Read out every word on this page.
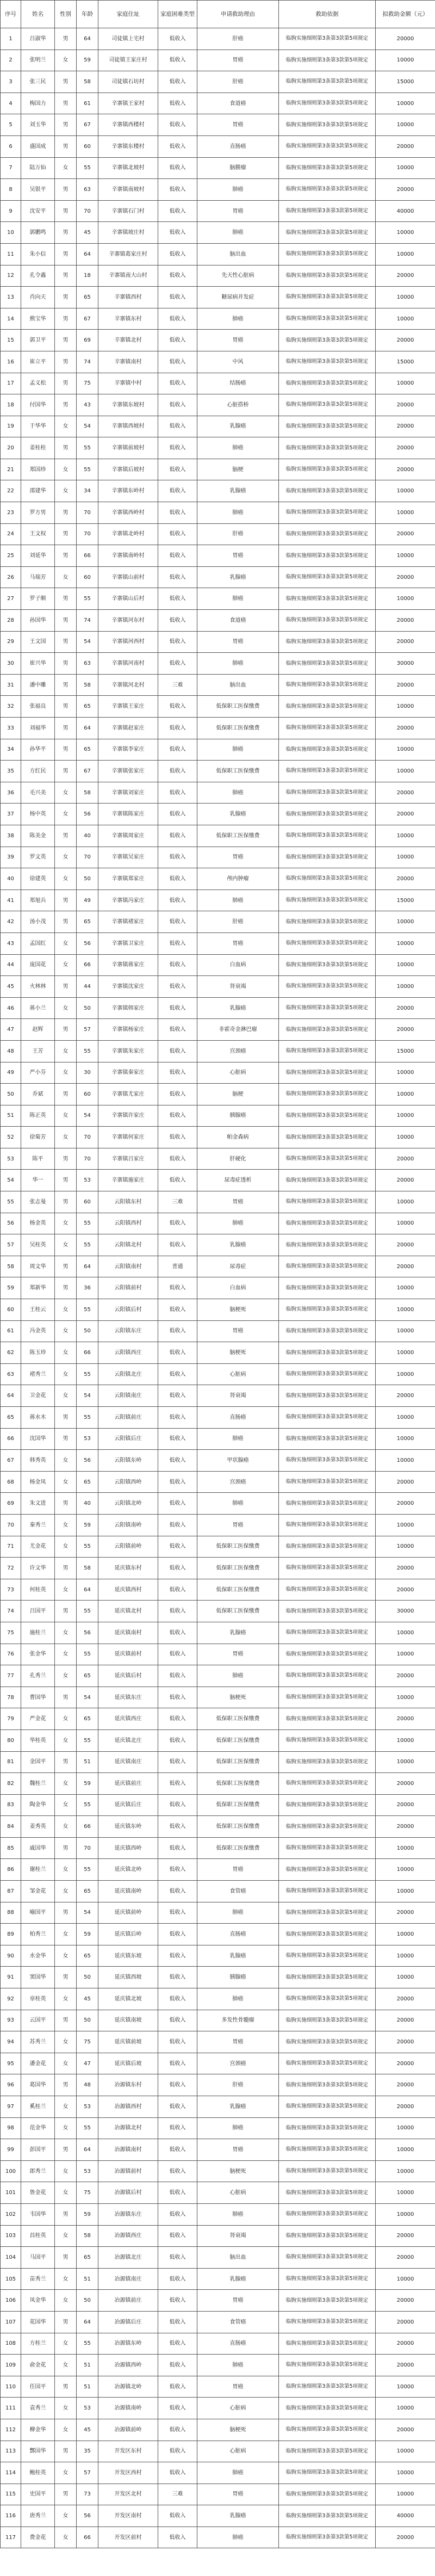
序号	姓名	性别	年龄	家庭住址	家庭困难类型	申请救助理由	救助依据	拟救助金额（元）
1	吕淑华	男	64	司徒镇上宅村	低收入	肝癌	临朐实施细则第3条第3款第5项规定	20000
2	张明兰	女	59	司徒镇王家庄村	低收入	胃癌	临朐实施细则第3条第3款第5项规定	10000
3	张三民	男	58	司徒镇石坊村	低收入	肝癌	临朐实施细则第3条第3款第5项规定	15000
4	梅国力	男	61	辛寨镇王家村	低收入	食道癌	临朐实施细则第3条第3款第5项规定	10000
5	刘玉华	男	67	辛寨镇西楼村	低收入	胃癌	临朐实施细则第3条第3款第5项规定	10000
6	盛国成	男	60	辛寨镇东楼村	低收入	直肠癌	临朐实施细则第3条第3款第5项规定	20000
7	陆万仙	女	55	辛寨镇北坡村	低收入	脑膜瘤	临朐实施细则第3条第3款第5项规定	10000
8	吴银平	男	63	辛寨镇南坡村	低收入	肺癌	临朐实施细则第3条第3款第5项规定	20000
9	沈安平	男	70	辛寨镇石门村	低收入	胃癌	临朐实施细则第3条第3款第5项规定	40000
10	郭鹏鸣	男	45	辛寨镇坡庄村	低收入	肺癌	临朐实施细则第3条第3款第5项规定	10000
11	朱小信	男	64	辛寨镇葛家庄村	低收入	脑出血	临朐实施细则第3条第3款第5项规定	10000
12	孔令鑫	男	18	辛寨镇南大山村	低收入	先天性心脏病	临朐实施细则第3条第3款第5项规定	20000
13	肖向天	男	65	辛寨镇西村	低收入	糖尿病并发症	临朐实施细则第3条第3款第5项规定	10000
14	熊宝华	男	67	辛寨镇东村	低收入	肺癌	临朐实施细则第3条第3款第5项规定	10000
15	郭卫平	男	69	辛寨镇北村	低收入	胃癌	临朐实施细则第3条第3款第5项规定	20000
16	崔立平	男	74	辛寨镇南村	低收入	中风	临朐实施细则第3条第3款第5项规定	15000
17	孟义松	男	75	辛寨镇中村	低收入	结肠癌	临朐实施细则第3条第3款第5项规定	10000
18	付国华	男	43	辛寨镇东坡村	低收入	心脏搭桥	临朐实施细则第3条第3款第5项规定	20000
19	于华华	女	54	辛寨镇西坡村	低收入	乳腺癌	临朐实施细则第3条第3款第5项规定	20000
20	姜桂桂	男	55	辛寨镇前坡村	低收入	肺癌	临朐实施细则第3条第3款第5项规定	20000
21	郑国珍	女	55	辛寨镇后坡村	低收入	脑梗	临朐实施细则第3条第3款第5项规定	20000
22	邵建华	女	34	辛寨镇东岭村	低收入	乳腺癌	临朐实施细则第3条第3款第5项规定	10000
23	罗方男	男	70	辛寨镇西岭村	低收入	肺癌	临朐实施细则第3条第3款第5项规定	10000
24	王文权	男	70	辛寨镇北岭村	低收入	肝癌	临朐实施细则第3条第3款第5项规定	20000
25	刘延华	男	66	辛寨镇南岭村	低收入	胃癌	临朐实施细则第3条第3款第5项规定	10000
26	马瑞芳	女	60	辛寨镇山前村	低收入	乳腺癌	临朐实施细则第3条第3款第5项规定	20000
27	罗子顺	男	55	辛寨镇山后村	低收入	肺癌	临朐实施细则第3条第3款第5项规定	10000
28	孙国华	男	74	辛寨镇河东村	低收入	食道癌	临朐实施细则第3条第3款第5项规定	20000
29	王文国	男	54	辛寨镇河西村	低收入	胃癌	临朐实施细则第3条第3款第5项规定	20000
30	崔兴华	男	63	辛寨镇河南村	低收入	肺癌	临朐实施细则第3条第3款第5项规定	30000
31	潘中雕	男	58	辛寨镇河北村	三难	脑出血	临朐实施细则第3条第3款第5项规定	20000
32	张福良	男	65	辛寨镇王家庄	低收入	低保职工医保缴费	临朐实施细则第3条第3款第5项规定	10000
33	刘福华	男	64	辛寨镇赵家庄	低收入	低保职工医保缴费	临朐实施细则第3条第3款第5项规定	20000
34	孙华平	男	65	辛寨镇李家庄	低收入	肺癌	临朐实施细则第3条第3款第5项规定	10000
35	方红民	男	67	辛寨镇张家庄	低收入	低保职工医保缴费	临朐实施细则第3条第3款第5项规定	10000
36	毛兴美	女	58	辛寨镇刘家庄	低收入	肺癌	临朐实施细则第3条第3款第5项规定	20000
37	杨中英	女	56	辛寨镇陈家庄	低收入	乳腺癌	临朐实施细则第3条第3款第5项规定	20000
38	陈美金	男	40	辛寨镇周家庄	低收入	低保职工医保缴费	临朐实施细则第3条第3款第5项规定	10000
39	罗文英	女	70	辛寨镇吴家庄	低收入	胃癌	临朐实施细则第3条第3款第5项规定	10000
40	徐建英	女	50	辛寨镇郑家庄	低收入	颅内肿瘤	临朐实施细则第3条第3款第5项规定	20000
41	郑旭兵	男	49	辛寨镇冯家庄	低收入	肺癌	临朐实施细则第3条第3款第5项规定	15000
42	汤小茂	男	65	辛寨镇褚家庄	低收入	肝癌	临朐实施细则第3条第3款第5项规定	10000
43	孟国红	女	56	辛寨镇卫家庄	低收入	胃癌	临朐实施细则第3条第3款第5项规定	10000
44	庞国花	女	66	辛寨镇蒋家庄	低收入	白血病	临朐实施细则第3条第3款第5项规定	10000
45	火林林	男	44	辛寨镇沈家庄	低收入	肾衰竭	临朐实施细则第3条第3款第5项规定	10000
46	蒋小兰	女	50	辛寨镇韩家庄	低收入	乳腺癌	临朐实施细则第3条第3款第5项规定	20000
47	赵辉	男	57	辛寨镇杨家庄	低收入	非霍奇金淋巴瘤	临朐实施细则第3条第3款第5项规定	20000
48	王芳	女	55	辛寨镇朱家庄	低收入	宫颈癌	临朐实施细则第3条第3款第5项规定	15000
49	严小芬	女	30	辛寨镇秦家庄	低收入	心脏病	临朐实施细则第3条第3款第5项规定	10000
50	乔斌	男	60	辛寨镇尤家庄	低收入	脑梗	临朐实施细则第3条第3款第5项规定	10000
51	陈正英	女	54	辛寨镇许家庄	低收入	胰腺癌	临朐实施细则第3条第3款第5项规定	10000
52	徐菊芳	女	70	辛寨镇何家庄	低收入	帕金森病	临朐实施细则第3条第3款第5项规定	10000
53	陈平	男	70	辛寨镇吕家庄	低收入	肝硬化	临朐实施细则第3条第3款第5项规定	20000
54	华一	男	53	辛寨镇施家庄	低收入	尿毒症透析	临朐实施细则第3条第3款第5项规定	20000
55	张志曼	男	60	云阳镇东村	三难	胃癌	临朐实施细则第3条第3款第5项规定	10000
56	杨金英	女	55	云阳镇西村	低收入	肺癌	临朐实施细则第3条第3款第5项规定	10000
57	吴桂英	女	55	云阳镇北村	低收入	乳腺癌	临朐实施细则第3条第3款第5项规定	20000
58	周文华	男	64	云阳镇南村	普通	尿毒症	临朐实施细则第3条第3款第5项规定	20000
59	郑新华	男	36	云阳镇前村	低收入	白血病	临朐实施细则第3条第3款第5项规定	10000
60	王桂云	女	55	云阳镇后村	低收入	脑梗死	临朐实施细则第3条第3款第5项规定	10000
61	冯金英	女	50	云阳镇东庄	低收入	胃癌	临朐实施细则第3条第3款第5项规定	10000
62	陈玉珍	女	66	云阳镇西庄	低收入	脑梗死	临朐实施细则第3条第3款第5项规定	10000
63	褚秀兰	女	55	云阳镇北庄	低收入	心脏病	临朐实施细则第3条第3款第5项规定	10000
64	卫金花	女	54	云阳镇南庄	低收入	肾衰竭	临朐实施细则第3条第3款第5项规定	20000
65	蒋水木	男	55	云阳镇前庄	低收入	直肠癌	临朐实施细则第3条第3款第5项规定	10000
66	沈国华	男	53	云阳镇后庄	低收入	肺癌	临朐实施细则第3条第3款第5项规定	10000
67	韩秀英	女	56	云阳镇东岭	低收入	甲状腺癌	临朐实施细则第3条第3款第5项规定	10000
68	杨金凤	女	65	云阳镇西岭	低收入	宫颈癌	临朐实施细则第3条第3款第5项规定	20000
69	朱文进	男	40	云阳镇北岭	低收入	肺癌	临朐实施细则第3条第3款第5项规定	20000
70	秦秀兰	女	59	云阳镇南岭	低收入	胃癌	临朐实施细则第3条第3款第5项规定	10000
71	尤金花	女	55	云阳镇前岭	低收入	低保职工医保缴费	临朐实施细则第3条第3款第5项规定	10000
72	许文华	男	58	延庆镇东村	低收入	低保职工医保缴费	临朐实施细则第3条第3款第5项规定	20000
73	何桂英	女	64	延庆镇西村	低收入	低保职工医保缴费	临朐实施细则第3条第3款第5项规定	20000
74	吕国平	男	55	延庆镇北村	低收入	低保职工医保缴费	临朐实施细则第3条第3款第5项规定	30000
75	施桂兰	女	56	延庆镇南村	低收入	乳腺癌	临朐实施细则第3条第3款第5项规定	10000
76	张金华	女	55	延庆镇前村	低收入	胃癌	临朐实施细则第3条第3款第5项规定	10000
77	孔秀兰	女	65	延庆镇后村	低收入	肺癌	临朐实施细则第3条第3款第5项规定	20000
78	曹国华	男	54	延庆镇东庄	低收入	脑梗死	临朐实施细则第3条第3款第5项规定	10000
79	严金花	女	65	延庆镇西庄	低收入	低保职工医保缴费	临朐实施细则第3条第3款第5项规定	20000
80	华桂英	女	55	延庆镇北庄	低收入	低保职工医保缴费	临朐实施细则第3条第3款第5项规定	10000
81	金国平	男	51	延庆镇南庄	低收入	低保职工医保缴费	临朐实施细则第3条第3款第5项规定	10000
82	魏桂兰	女	59	延庆镇前庄	低收入	低保职工医保缴费	临朐实施细则第3条第3款第5项规定	20000
83	陶金华	女	55	延庆镇后庄	低收入	低保职工医保缴费	临朐实施细则第3条第3款第5项规定	20000
84	姜秀英	女	66	延庆镇东岭	低收入	低保职工医保缴费	临朐实施细则第3条第3款第5项规定	20000
85	戚国华	男	70	延庆镇西岭	低收入	低保职工医保缴费	临朐实施细则第3条第3款第5项规定	10000
86	谢桂兰	女	55	延庆镇北岭	低收入	胃癌	临朐实施细则第3条第3款第5项规定	10000
87	邹金花	女	65	延庆镇南岭	低收入	食管癌	临朐实施细则第3条第3款第5项规定	10000
88	喻国平	男	54	延庆镇前岭	低收入	肺癌	临朐实施细则第3条第3款第5项规定	20000
89	柏秀兰	女	59	延庆镇后岭	低收入	直肠癌	临朐实施细则第3条第3款第5项规定	10000
90	水金华	女	65	延庆镇东坡	低收入	乳腺癌	临朐实施细则第3条第3款第5项规定	10000
91	窦国华	男	50	延庆镇西坡	低收入	胰腺癌	临朐实施细则第3条第3款第5项规定	10000
92	章桂英	女	45	延庆镇北坡	低收入	肺癌	临朐实施细则第3条第3款第5项规定	20000
93	云国平	男	50	延庆镇南坡	低收入	多发性骨髓瘤	临朐实施细则第3条第3款第5项规定	20000
94	苏秀兰	女	75	延庆镇前坡	低收入	胃癌	临朐实施细则第3条第3款第5项规定	20000
95	潘金花	女	47	延庆镇后坡	低收入	宫颈癌	临朐实施细则第3条第3款第5项规定	20000
96	葛国华	男	48	冶源镇东村	低收入	肝癌	临朐实施细则第3条第3款第5项规定	20000
97	奚桂兰	女	53	冶源镇西村	低收入	乳腺癌	临朐实施细则第3条第3款第5项规定	20000
98	范金华	女	55	冶源镇北村	低收入	肺癌	临朐实施细则第3条第3款第5项规定	10000
99	彭国平	男	64	冶源镇南村	低收入	胃癌	临朐实施细则第3条第3款第5项规定	10000
100	郎秀兰	女	53	冶源镇前村	低收入	脑梗死	临朐实施细则第3条第3款第5项规定	10000
101	鲁金花	女	75	冶源镇后村	低收入	心脏病	临朐实施细则第3条第3款第5项规定	10000
102	韦国华	男	59	冶源镇东庄	低收入	肺癌	临朐实施细则第3条第3款第5项规定	10000
103	昌桂英	女	58	冶源镇西庄	低收入	肾衰竭	临朐实施细则第3条第3款第5项规定	20000
104	马国平	男	65	冶源镇北庄	低收入	脑出血	临朐实施细则第3条第3款第5项规定	20000
105	苗秀兰	女	51	冶源镇南庄	低收入	乳腺癌	临朐实施细则第3条第3款第5项规定	10000
106	凤金华	女	50	冶源镇前庄	低收入	胃癌	临朐实施细则第3条第3款第5项规定	20000
107	花国华	男	64	冶源镇后庄	低收入	食管癌	临朐实施细则第3条第3款第5项规定	20000
108	方桂兰	女	55	冶源镇东岭	低收入	直肠癌	临朐实施细则第3条第3款第5项规定	20000
109	俞金花	女	51	冶源镇西岭	低收入	肺癌	临朐实施细则第3条第3款第5项规定	20000
110	任国平	男	51	冶源镇北岭	低收入	胃癌	临朐实施细则第3条第3款第5项规定	10000
111	袁秀兰	女	53	冶源镇南岭	低收入	心脏病	临朐实施细则第3条第3款第5项规定	10000
112	柳金华	女	45	冶源镇前岭	低收入	脑梗死	临朐实施细则第3条第3款第5项规定	20000
113	酆国华	男	35	开发区东村	低收入	心脏病	临朐实施细则第3条第3款第5项规定	10000
114	鲍桂英	女	57	开发区西村	低收入	肺癌	临朐实施细则第3条第3款第5项规定	10000
115	史国平	男	73	开发区北村	三难	胃癌	临朐实施细则第3条第3款第5项规定	10000
116	唐秀兰	女	56	开发区南村	低收入	乳腺癌	临朐实施细则第3条第3款第5项规定	40000
117	费金花	女	66	开发区前村	低收入	肺癌	临朐实施细则第3条第3款第5项规定	20000
